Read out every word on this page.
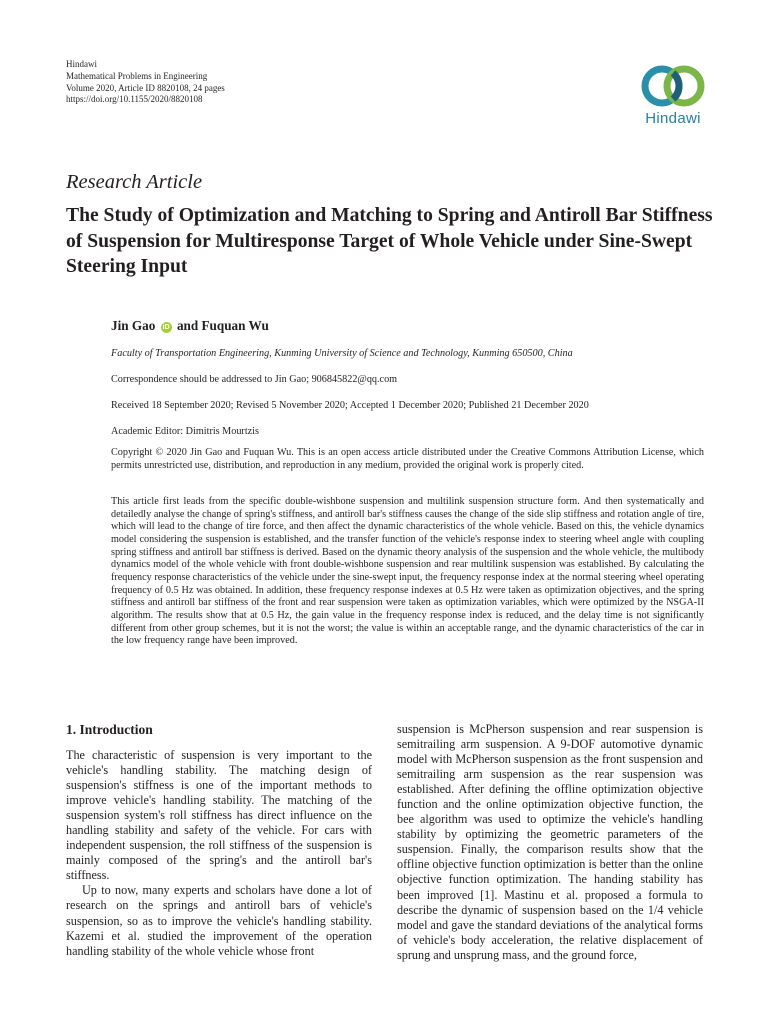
Hindawi
Mathematical Problems in Engineering
Volume 2020, Article ID 8820108, 24 pages
https://doi.org/10.1155/2020/8820108
Hindawi
Research Article
The Study of Optimization and Matching to Spring and Antiroll Bar Stiffness of Suspension for Multiresponse Target of Whole Vehicle under Sine-Swept Steering Input
Jin Gao iD and Fuquan Wu
Faculty of Transportation Engineering, Kunming University of Science and Technology, Kunming 650500, China
Correspondence should be addressed to Jin Gao; 906845822@qq.com
Received 18 September 2020; Revised 5 November 2020; Accepted 1 December 2020; Published 21 December 2020
Academic Editor: Dimitris Mourtzis
Copyright © 2020 Jin Gao and Fuquan Wu. This is an open access article distributed under the Creative Commons Attribution License, which permits unrestricted use, distribution, and reproduction in any medium, provided the original work is properly cited.
This article first leads from the specific double-wishbone suspension and multilink suspension structure form. And then systematically and detailedly analyse the change of spring's stiffness, and antiroll bar's stiffness causes the change of the side slip stiffness and rotation angle of tire, which will lead to the change of tire force, and then affect the dynamic characteristics of the whole vehicle. Based on this, the vehicle dynamics model considering the suspension is established, and the transfer function of the vehicle's response index to steering wheel angle with coupling spring stiffness and antiroll bar stiffness is derived. Based on the dynamic theory analysis of the suspension and the whole vehicle, the multibody dynamics model of the whole vehicle with front double-wishbone suspension and rear multilink suspension was established. By calculating the frequency response characteristics of the vehicle under the sine-swept input, the frequency response index at the normal steering wheel operating frequency of 0.5 Hz was obtained. In addition, these frequency response indexes at 0.5 Hz were taken as optimization objectives, and the spring stiffness and antiroll bar stiffness of the front and rear suspension were taken as optimization variables, which were optimized by the NSGA-II algorithm. The results show that at 0.5 Hz, the gain value in the frequency response index is reduced, and the delay time is not significantly different from other group schemes, but it is not the worst; the value is within an acceptable range, and the dynamic characteristics of the car in the low frequency range have been improved.
1. Introduction

The characteristic of suspension is very important to the vehicle's handling stability. The matching design of suspension's stiffness is one of the important methods to improve vehicle's handling stability. The matching of the suspension system's roll stiffness has direct influence on the handling stability and safety of the vehicle. For cars with independent suspension, the roll stiffness of the suspension is mainly composed of the spring's and the antiroll bar's stiffness.

Up to now, many experts and scholars have done a lot of research on the springs and antiroll bars of vehicle's suspension, so as to improve the vehicle's handling stability. Kazemi et al. studied the improvement of the operation handling stability of the whole vehicle whose front

suspension is McPherson suspension and rear suspension is semitrailing arm suspension. A 9-DOF automotive dynamic model with McPherson suspension as the front suspension and semitrailing arm suspension as the rear suspension was established. After defining the offline optimization objective function and the online optimization objective function, the bee algorithm was used to optimize the vehicle's handling stability by optimizing the geometric parameters of the suspension. Finally, the comparison results show that the offline objective function optimization is better than the online objective function optimization. The handing stability has been improved [1]. Mastinu et al. proposed a formula to describe the dynamic of suspension based on the 1/4 vehicle model and gave the standard deviations of the analytical forms of vehicle's body acceleration, the relative displacement of sprung and unsprung mass, and the ground force,
